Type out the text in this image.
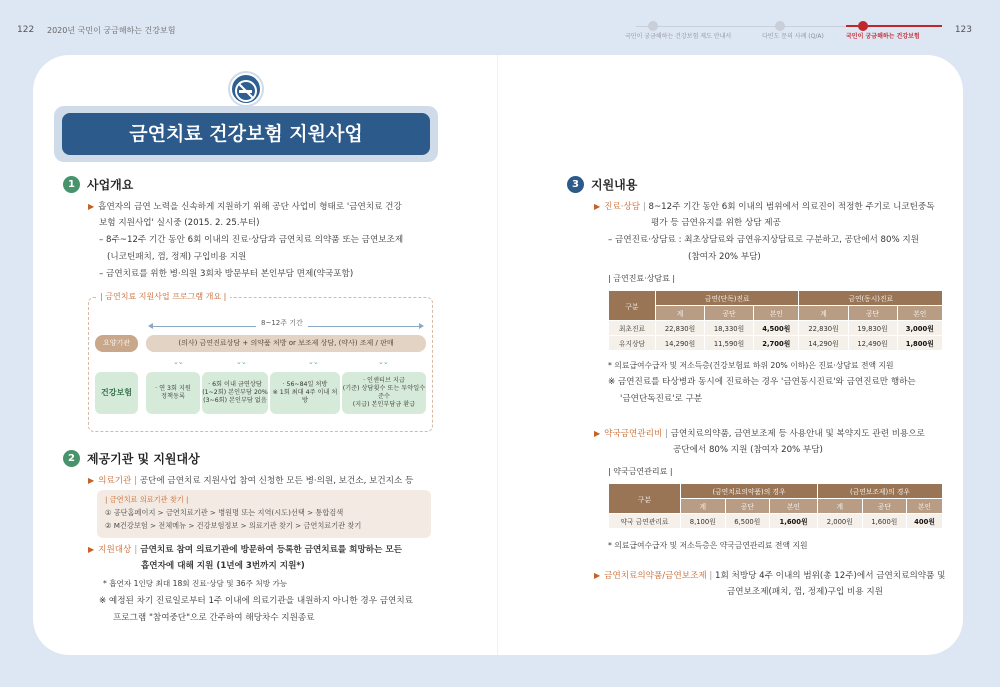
122 2020년 국민이 궁금해하는 건강보험
국민이 궁금해하는 건강보험 제도 안내서	다빈도 문의 사례 (Q/A)	국민이 궁금해하는 건강보험
123
금연치료 건강보험 지원사업
1	사업개요
▶ 흡연자의 금연 노력을 신속하게 지원하기 위해 공단 사업비 형태로 '금연치료 건강
보험 지원사업' 실시중 (2015. 2. 25.부터)
– 8주~12주 기간 동안 6회 이내의 진료·상담과 금연치료 의약품 또는 금연보조제
(니코틴패치, 껌, 정제) 구입비용 지원
– 금연치료를 위한 병·의원 3회차 방문부터 본인부담 면제(약국포함)
| 금연치료 지원사업 프로그램 개요 |
8~12주 기간
요양기관	(의사) 금연진료상담 + 의약품 처방 or 보조제 상담, (약사) 조제 / 판매
⌄⌄	⌄⌄	⌄⌄	⌄⌄
건강보험	· 연 3회 지원
정책동록
· 6회 이내 금연상담
(1~2회) 본인부담 20%
(3~6회) 본인부담 없음
· 56~84일 처방
※ 1회 최대 4주 이내 처방
· 인센티브 지급
(기준) 상담횟수 또는 투약일수 준수
(지급) 본인부담금 환급
2	제공기관 및 지원대상
▶ 의료기관 | 공단에 금연치료 지원사업 참여 신청한 모든 병·의원, 보건소, 보건지소 등
| 금연치료 의료기관 찾기 |
① 공단홈페이지 > 금연치료기관 > 병원명 또는 지역(시도)선택 > 통합검색
② M건강보험 > 전체메뉴 > 건강보험정보 > 의료기관 찾기 > 금연치료기관 찾기
▶ 지원대상 | 금연치료 참여 의료기관에 방문하여 등록한 금연치료를 희망하는 모든
흡연자에 대해 지원 (1년에 3번까지 지원*)
* 흡연자 1인당 최대 18회 진료·상담 및 36주 처방 가능
※ 예정된 차기 진료일로부터 1주 이내에 의료기관을 내원하지 아니한 경우 금연치료
프로그램 "참여중단"으로 간주하여 해당차수 지원종료
3	지원내용
▶ 진료·상담 | 8~12주 기간 동안 6회 이내의 범위에서 의료진이 적정한 주기로 니코틴중독
평가 등 금연유지를 위한 상담 제공
– 금연진료·상담료 : 최초상담료와 금연유지상담료로 구분하고, 공단에서 80% 지원
(참여자 20% 부담)
| 금연진료·상담료 |
구분	금연(단독)진료			금연(동시)진료		
	계	공단	본인	계	공단	본인
최초진료	22,830원	18,330원	4,500원	22,830원	19,830원	3,000원
유지상담	14,290원	11,590원	2,700원	14,290원	12,490원	1,800원
* 의료급여수급자 및 저소득층(건강보험료 하위 20% 이하)은 진료·상담료 전액 지원
※ 금연진료를 타상병과 동시에 진료하는 경우 '금연동시진료'와 금연진료만 행하는
'금연단독진료'로 구분
▶ 약국금연관리비 | 금연치료의약품, 금연보조제 등 사용안내 및 복약지도 관련 비용으로
공단에서 80% 지원 (참여자 20% 부담)
| 약국금연관리료 |
구분	(금연치료의약품)의 경우			(금연보조제)의 경우		
	계	공단	본인	계	공단	본인
약국 금연관리료	8,100원	6,500원	1,600원	2,000원	1,600원	400원
* 의료급여수급자 및 저소득층은 약국금연관리료 전액 지원
▶ 금연치료의약품/금연보조제 | 1회 처방당 4주 이내의 범위(총 12주)에서 금연치료의약품 및
금연보조제(패치, 껌, 정제)구입 비용 지원
